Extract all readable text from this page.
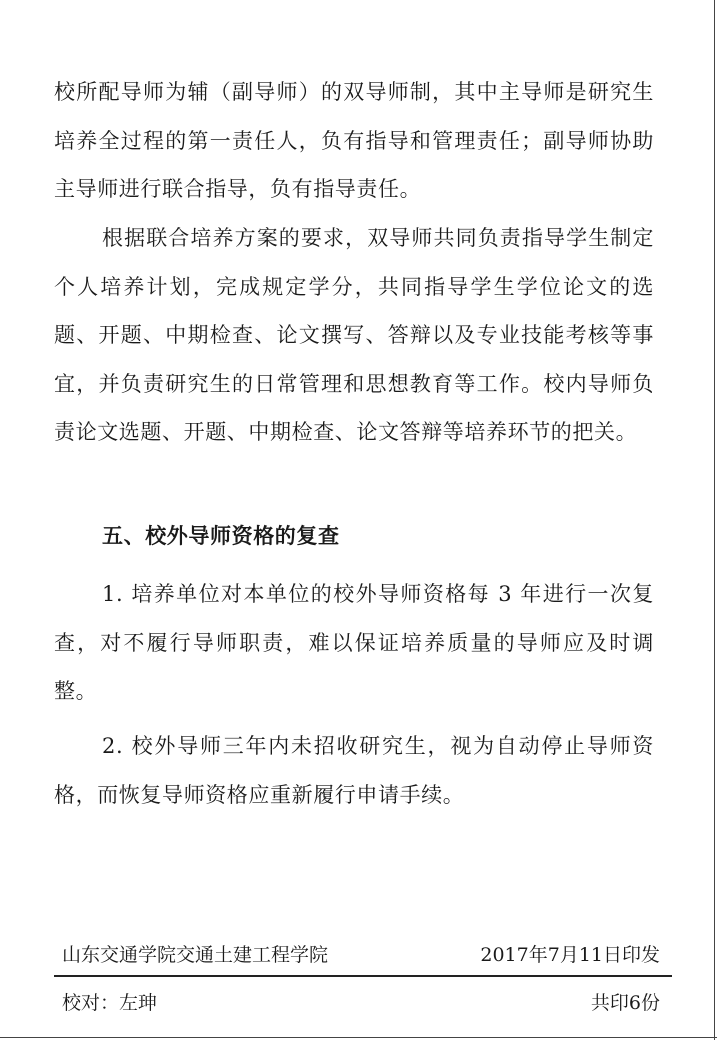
校所配导师为辅（副导师）的双导师制，其中主导师是研究生培养全过程的第一责任人，负有指导和管理责任；副导师协助主导师进行联合指导，负有指导责任。

根据联合培养方案的要求，双导师共同负责指导学生制定个人培养计划，完成规定学分，共同指导学生学位论文的选题、开题、中期检查、论文撰写、答辩以及专业技能考核等事宜，并负责研究生的日常管理和思想教育等工作。校内导师负责论文选题、开题、中期检查、论文答辩等培养环节的把关。

五、校外导师资格的复查

1. 培养单位对本单位的校外导师资格每 3 年进行一次复查，对不履行导师职责，难以保证培养质量的导师应及时调整。

2. 校外导师三年内未招收研究生，视为自动停止导师资格，而恢复导师资格应重新履行申请手续。

山东交通学院交通土建工程学院	2017年7月11日印发
校对：左珅	共印6份
